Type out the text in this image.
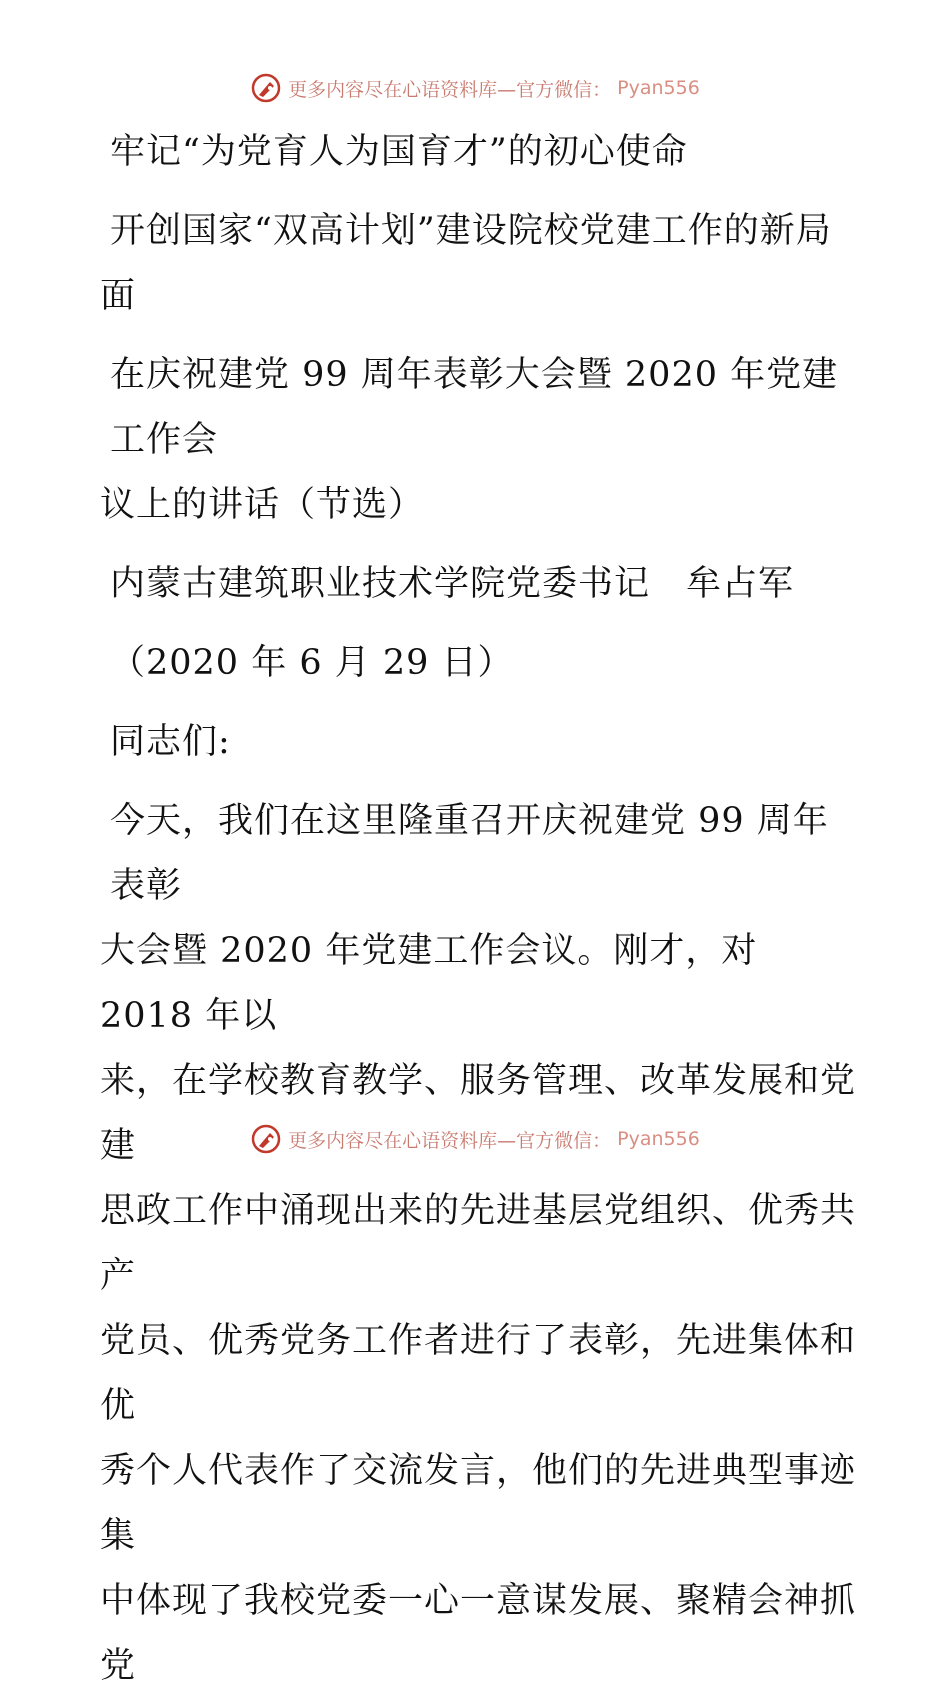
更多内容尽在心语资料库—官方微信： Pyan556

牢记“为党育人为国育才”的初心使命

开创国家“双高计划”建设院校党建工作的新局

面

在庆祝建党 99 周年表彰大会暨 2020 年党建工作会

议上的讲话（节选）

内蒙古建筑职业技术学院党委书记　牟占军

（2020 年 6 月 29 日）

同志们:

今天，我们在这里隆重召开庆祝建党 99 周年表彰

大会暨 2020 年党建工作会议。刚才，对 2018 年以

来，在学校教育教学、服务管理、改革发展和党建

思政工作中涌现出来的先进基层党组织、优秀共产

党员、优秀党务工作者进行了表彰，先进集体和优

秀个人代表作了交流发言，他们的先进典型事迹集

中体现了我校党委一心一意谋发展、聚精会神抓党

更多内容尽在心语资料库—官方微信： Pyan556
